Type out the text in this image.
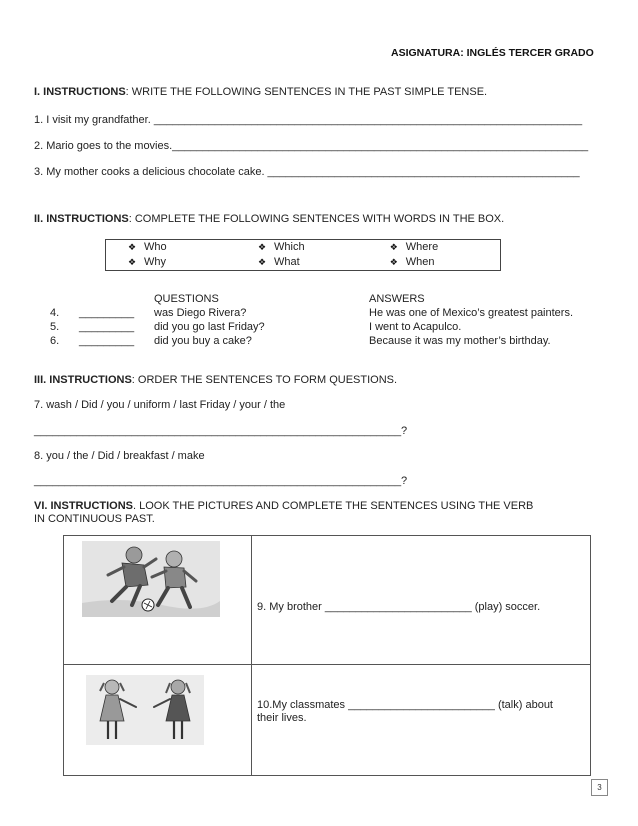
ASIGNATURA: INGLÉS TERCER GRADO
I. INSTRUCTIONS: WRITE THE FOLLOWING SENTENCES IN THE PAST SIMPLE TENSE.
1. I visit my grandfather. ______________________________________________________________________
2. Mario goes to the movies.____________________________________________________________________
3. My mother cooks a delicious chocolate cake. ___________________________________________________
II. INSTRUCTIONS: COMPLETE THE FOLLOWING SENTENCES WITH WORDS IN THE BOX.
❖ Who	❖ Which	❖ Where
❖ Why	❖ What	❖ When
QUESTIONS	ANSWERS
4. _________ was Diego Rivera?	He was one of Mexico’s greatest painters.
5. _________ did you go last Friday?	I went to Acapulco.
6. _________ did you buy a cake?	Because it was my mother’s birthday.
III. INSTRUCTIONS: ORDER THE SENTENCES TO FORM QUESTIONS.
7. wash / Did / you / uniform / last Friday / your / the
____________________________________________________________?
8. you / the / Did / breakfast / make
____________________________________________________________?
VI. INSTRUCTIONS. LOOK THE PICTURES AND COMPLETE THE SENTENCES USING THE VERB
IN CONTINUOUS PAST.
9. My brother ________________________ (play) soccer.
10.My classmates ________________________ (talk) about
their lives.
3
